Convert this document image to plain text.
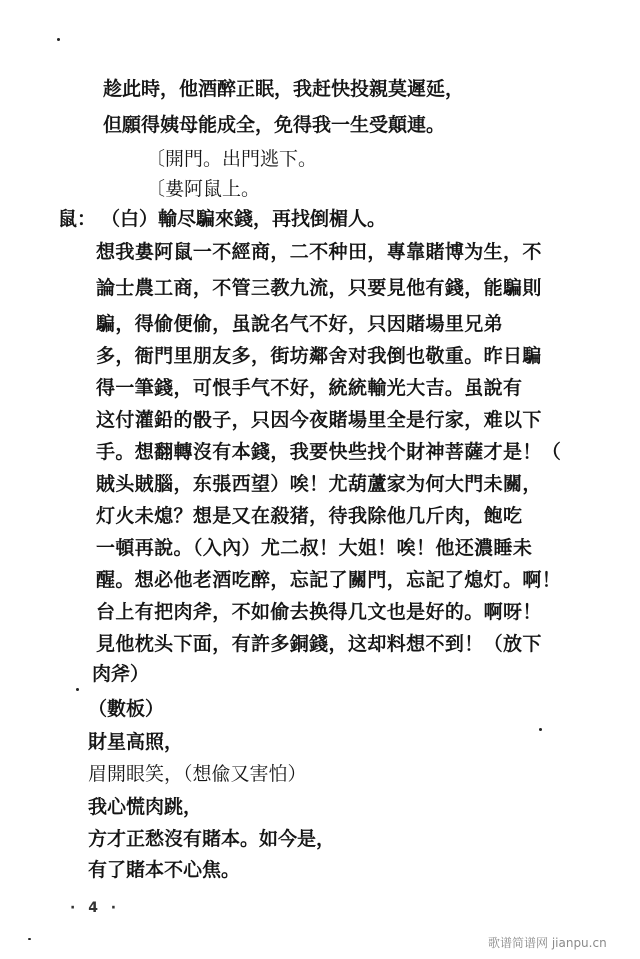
趁此時，他酒醉正眠，我赶快投親莫遲延，
但願得姨母能成全，免得我一生受顛連。
〔開門。出門逃下。
〔婁阿鼠上。
鼠： （白）輸尽騙來錢，再找倒楣人。
想我婁阿鼠一不經商，二不种田，專靠賭博为生，不
論士農工商，不管三教九流，只要見他有錢，能騙則
騙，得偷便偷，虽說名气不好，只因賭場里兄弟
多，衙門里朋友多，街坊鄰舍对我倒也敬重。昨日騙
得一筆錢，可恨手气不好，統統輸光大吉。虽說有
这付灌鉛的骰子，只因今夜賭場里全是行家，难以下
手。想翻轉沒有本錢，我要快些找个財神菩薩才是！（
賊头賊腦，东張西望）唉！尤葫蘆家为何大門未關，
灯火未熄？想是又在殺猪，待我除他几斤肉，飽吃
一頓再說。（入內）尤二叔！大姐！唉！他还濃睡未
醒。想必他老酒吃醉，忘記了關門，忘記了熄灯。啊！
台上有把肉斧，不如偷去换得几文也是好的。啊呀！
見他枕头下面，有許多銅錢，这却料想不到！（放下
肉斧）
（數板）
財星高照，
眉開眼笑，（想偸又害怕）
我心慌肉跳，
方才正愁沒有賭本。如今是，
有了賭本不心焦。
· 4 ·
歌谱简谱网 jianpu.cn
